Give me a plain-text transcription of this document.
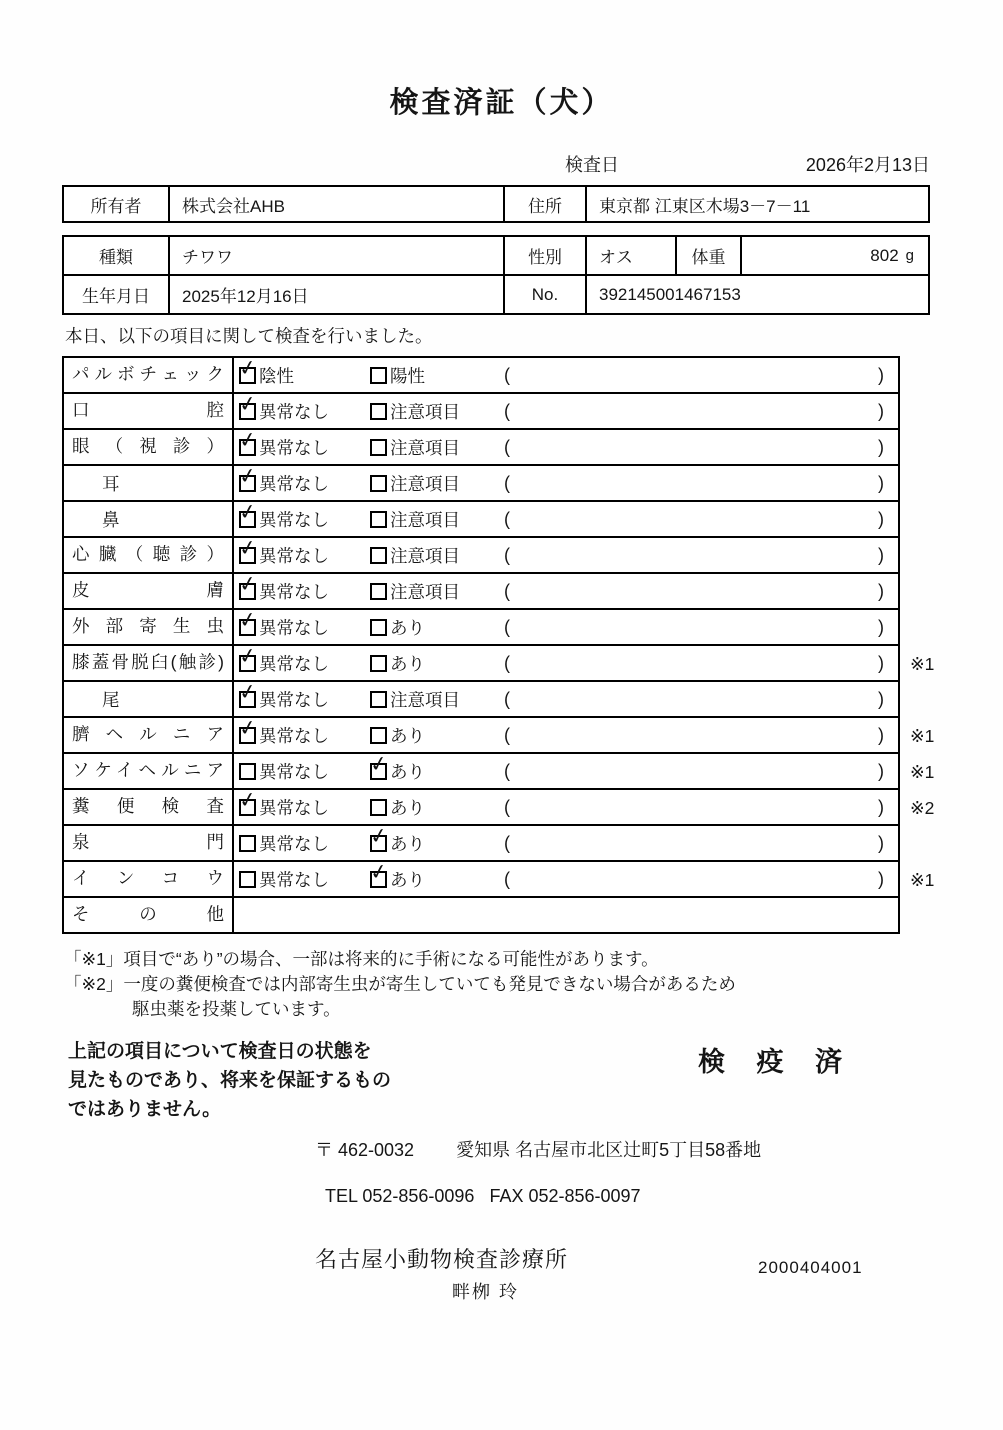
検査済証（犬）
検査日	2026年2月13日
所有者	株式会社AHB	住所	東京都 江東区木場3－7－11
種類	チワワ	性別	オス	体重	802 g
生年月日	2025年12月16日	No.	392145001467153
本日、以下の項目に関して検査を行いました。
パルボチェック ✓ 陰性	陽性	(	)
口腔 ✓ 異常なし	注意項目 (	)
眼（視診） ✓ 異常なし	注意項目 (	)
耳	✓ 異常なし	注意項目 (	)
鼻	✓ 異常なし	注意項目 (	)
心臓（聴診） ✓ 異常なし	注意項目 (	)
皮膚 ✓ 異常なし	注意項目 (	)
外部寄生虫 ✓ 異常なし	あり	(	)
膝蓋骨脱臼(触診) ✓ 異常なし	あり	(	)	※1
尾	✓ 異常なし	注意項目 (	)
臍ヘルニア ✓ 異常なし	あり	(	)	※1
ソケイヘルニア	異常なし ✓ あり	(	)	※1
糞便検査 ✓ 異常なし	あり	(	)	※2
泉門	異常なし ✓ あり	(	)
インコウ	異常なし ✓ あり	(	)	※1
その他
「※1」項目で“あり”の場合、一部は将来的に手術になる可能性があります。
「※2」一度の糞便検査では内部寄生虫が寄生していても発見できない場合があるため
駆虫薬を投薬しています。
上記の項目について検査日の状態を
見たものであり、将来を保証するもの
ではありません。
検 疫 済
〒 462-0032 愛知県 名古屋市北区辻町5丁目58番地
TEL 052-856-0096   FAX 052-856-0097
名古屋小動物検査診療所
畔栁 玲
2000404001
